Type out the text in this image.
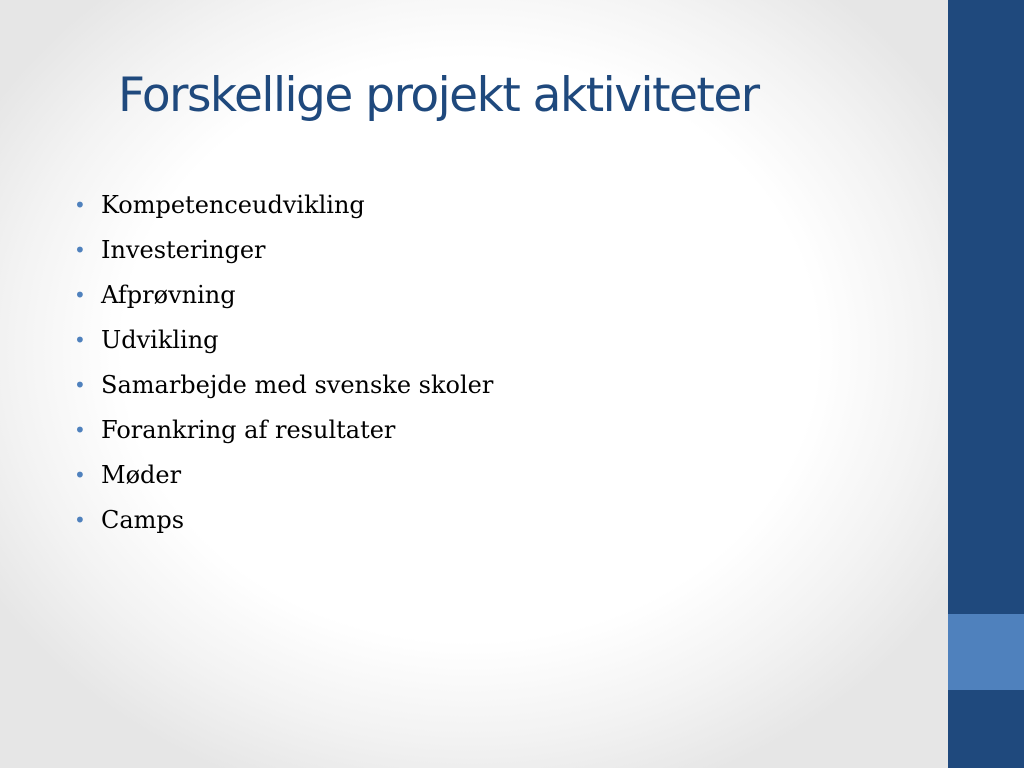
Forskellige projekt aktiviteter
• Kompetenceudvikling
• Investeringer
• Afprøvning
• Udvikling
• Samarbejde med svenske skoler
• Forankring af resultater
• Møder
• Camps
